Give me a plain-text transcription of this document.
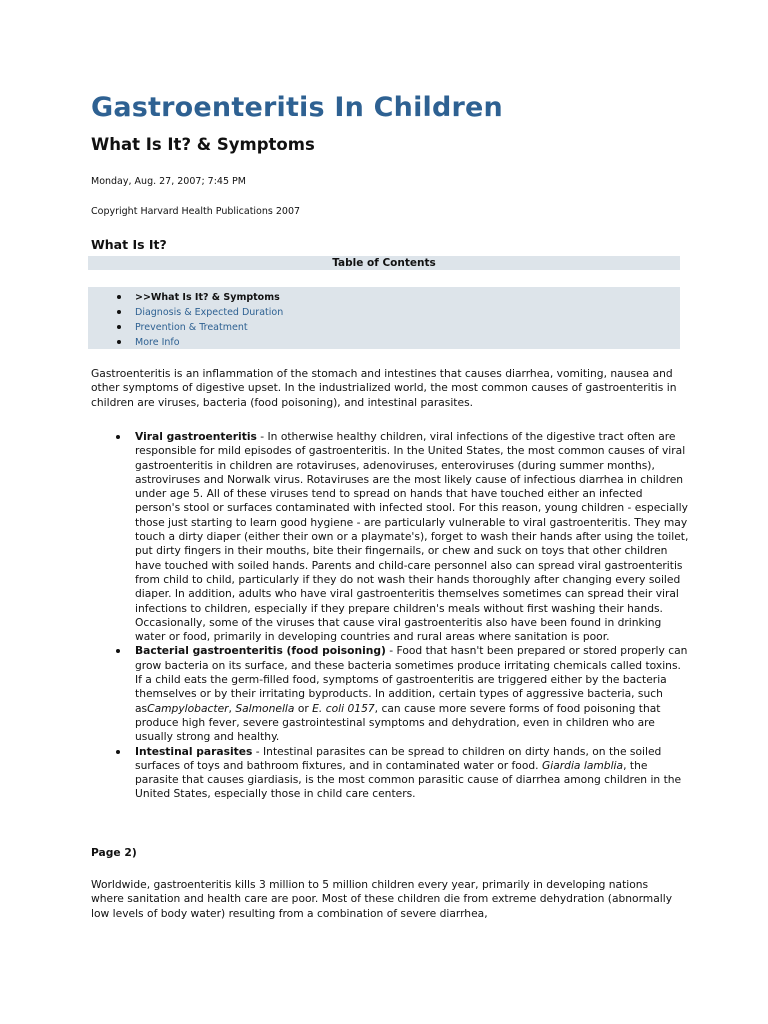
Gastroenteritis In Children
What Is It? & Symptoms
Monday, Aug. 27, 2007; 7:45 PM
Copyright Harvard Health Publications 2007
What Is It?
Table of Contents
>>What Is It? & Symptoms
Diagnosis & Expected Duration
Prevention & Treatment
More Info

Gastroenteritis is an inflammation of the stomach and intestines that causes diarrhea, vomiting, nausea and other symptoms of digestive upset. In the industrialized world, the most common causes of gastroenteritis in children are viruses, bacteria (food poisoning), and intestinal parasites.

Viral gastroenteritis - In otherwise healthy children, viral infections of the digestive tract often are responsible for mild episodes of gastroenteritis. In the United States, the most common causes of viral gastroenteritis in children are rotaviruses, adenoviruses, enteroviruses (during summer months), astroviruses and Norwalk virus. Rotaviruses are the most likely cause of infectious diarrhea in children under age 5. All of these viruses tend to spread on hands that have touched either an infected person's stool or surfaces contaminated with infected stool. For this reason, young children - especially those just starting to learn good hygiene - are particularly vulnerable to viral gastroenteritis. They may touch a dirty diaper (either their own or a playmate's), forget to wash their hands after using the toilet, put dirty fingers in their mouths, bite their fingernails, or chew and suck on toys that other children have touched with soiled hands. Parents and child-care personnel also can spread viral gastroenteritis from child to child, particularly if they do not wash their hands thoroughly after changing every soiled diaper. In addition, adults who have viral gastroenteritis themselves sometimes can spread their viral infections to children, especially if they prepare children's meals without first washing their hands. Occasionally, some of the viruses that cause viral gastroenteritis also have been found in drinking water or food, primarily in developing countries and rural areas where sanitation is poor.
Bacterial gastroenteritis (food poisoning) - Food that hasn't been prepared or stored properly can grow bacteria on its surface, and these bacteria sometimes produce irritating chemicals called toxins. If a child eats the germ-filled food, symptoms of gastroenteritis are triggered either by the bacteria themselves or by their irritating byproducts. In addition, certain types of aggressive bacteria, such asCampylobacter, Salmonella or E. coli 0157, can cause more severe forms of food poisoning that produce high fever, severe gastrointestinal symptoms and dehydration, even in children who are usually strong and healthy.
Intestinal parasites - Intestinal parasites can be spread to children on dirty hands, on the soiled surfaces of toys and bathroom fixtures, and in contaminated water or food. Giardia lamblia, the parasite that causes giardiasis, is the most common parasitic cause of diarrhea among children in the United States, especially those in child care centers.
Page 2)

Worldwide, gastroenteritis kills 3 million to 5 million children every year, primarily in developing nations where sanitation and health care are poor. Most of these children die from extreme dehydration (abnormally low levels of body water) resulting from a combination of severe diarrhea,
